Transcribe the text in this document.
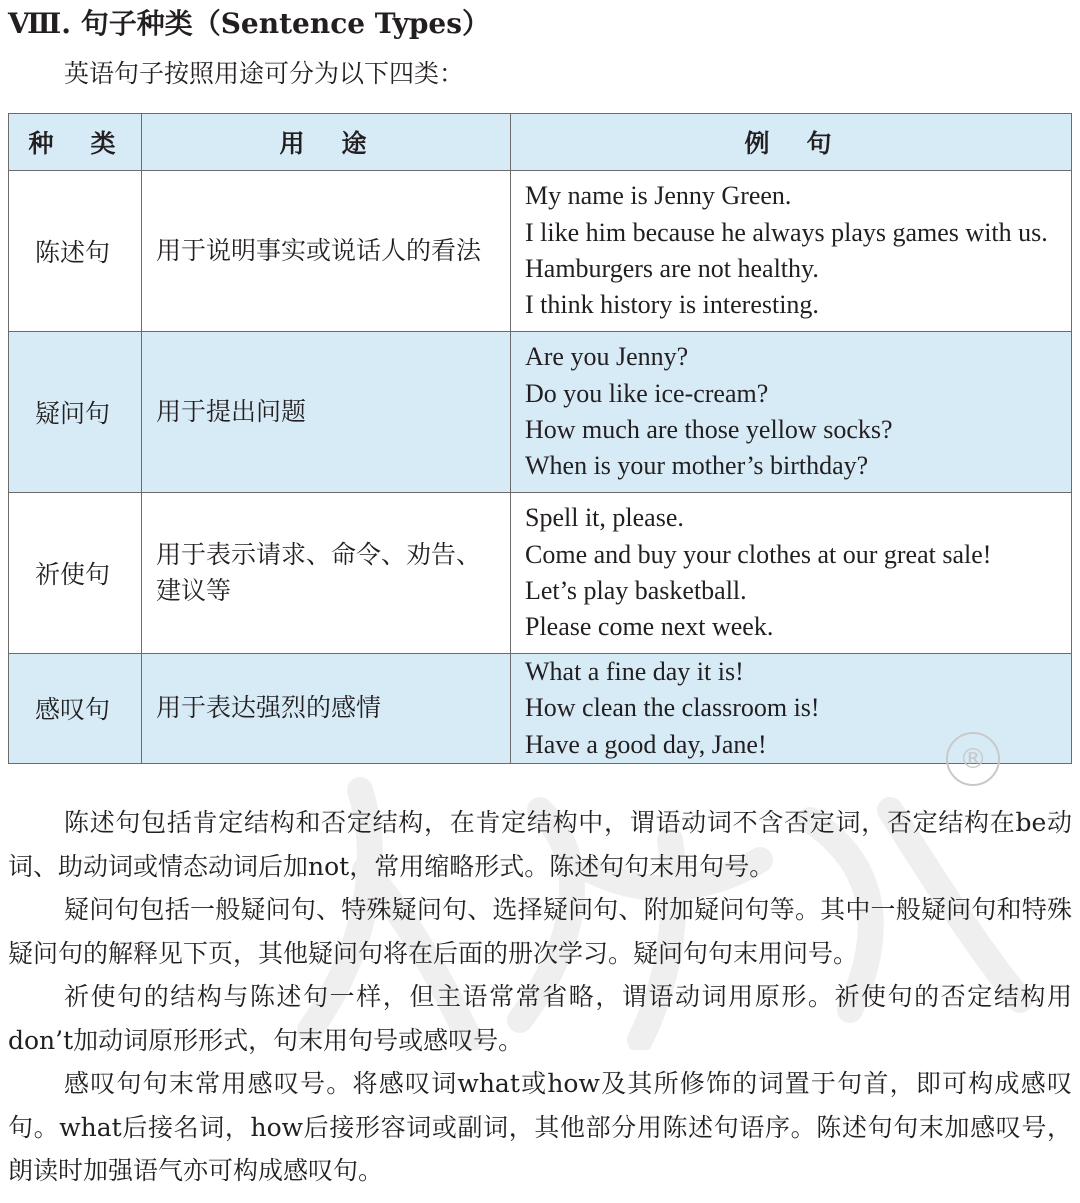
Ⅷ. 句子种类（Sentence Types）
英语句子按照用途可分为以下四类：
种　类	用　途	例　句
陈述句	用于说明事实或说话人的看法	My name is Jenny Green.
I like him because he always plays games with us.
Hamburgers are not healthy.
I think history is interesting.

疑问句	用于提出问题	Are you Jenny?
Do you like ice-cream?
How much are those yellow socks?
When is your mother’s birthday?

祈使句	用于表示请求、命令、劝告、建议等	Spell it, please.
Come and buy your clothes at our great sale!
Let’s play basketball.
Please come next week.

感叹句	用于表达强烈的感情	What a fine day it is!
How clean the classroom is!
Have a good day, Jane!	®

陈述句包括肯定结构和否定结构，在肯定结构中，谓语动词不含否定词，否定结构在be动词、助动词或情态动词后加not，常用缩略形式。陈述句句末用句号。

疑问句包括一般疑问句、特殊疑问句、选择疑问句、附加疑问句等。其中一般疑问句和特殊疑问句的解释见下页，其他疑问句将在后面的册次学习。疑问句句末用问号。

祈使句的结构与陈述句一样，但主语常常省略，谓语动词用原形。祈使句的否定结构用don’t加动词原形形式，句末用句号或感叹号。

感叹句句末常用感叹号。将感叹词what或how及其所修饰的词置于句首，即可构成感叹句。what后接名词，how后接形容词或副词，其他部分用陈述句语序。陈述句句末加感叹号，朗读时加强语气亦可构成感叹句。
